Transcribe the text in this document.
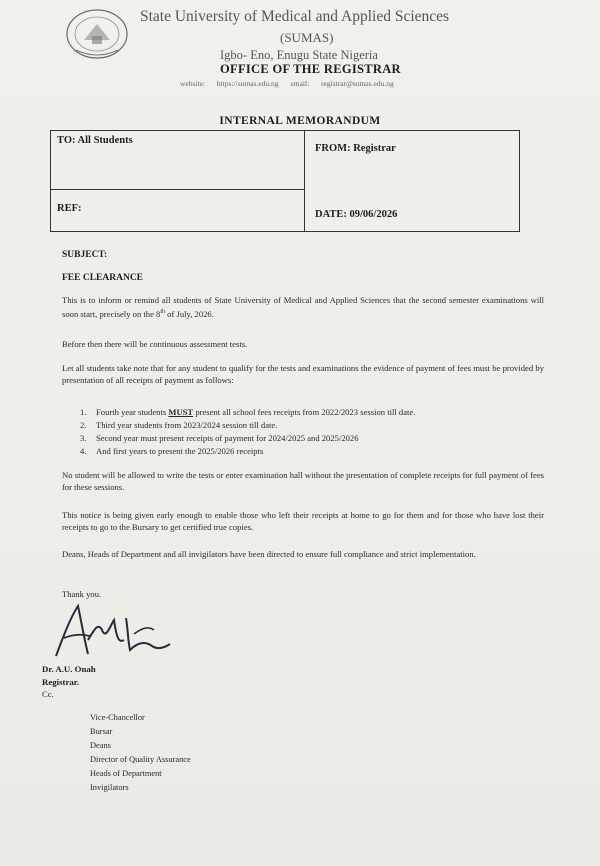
State University of Medical and Applied Sciences
(SUMAS)
Igbo- Eno, Enugu State Nigeria
OFFICE OF THE REGISTRAR
website: https://sumas.edu.ng email: registrar@sumas.edu.ng
INTERNAL MEMORANDUM
TO: All Students
REF:
FROM: Registrar
DATE: 09/06/2026
SUBJECT:
FEE CLEARANCE
This is to inform or remind all students of State University of Medical and Applied Sciences that the second semester examinations will soon start, precisely on the 8th of July, 2026.
Before then there will be continuous assessment tests.
Let all students take note that for any student to qualify for the tests and examinations the evidence of payment of fees must be provided by presentation of all receipts of payment as follows:
1. Fourth year students MUST present all school fees receipts from 2022/2023 session till date.
2. Third year students from 2023/2024 session till date.
3. Second year must present receipts of payment for 2024/2025 and 2025/2026
4. And first years to present the 2025/2026 receipts
No student will be allowed to write the tests or enter examination hall without the presentation of complete receipts for full payment of fees for these sessions.
This notice is being given early enough to enable those who left their receipts at home to go for them and for those who have lost their receipts to go to the Bursary to get certified true copies.
Deans, Heads of Department and all invigilators have been directed to ensure full compliance and strict implementation.
Thank you.
Dr. A.U. Onah
Registrar.
Cc.
Vice-Chancellor
Bursar
Deans
Director of Quality Assurance
Heads of Department
Invigilators
